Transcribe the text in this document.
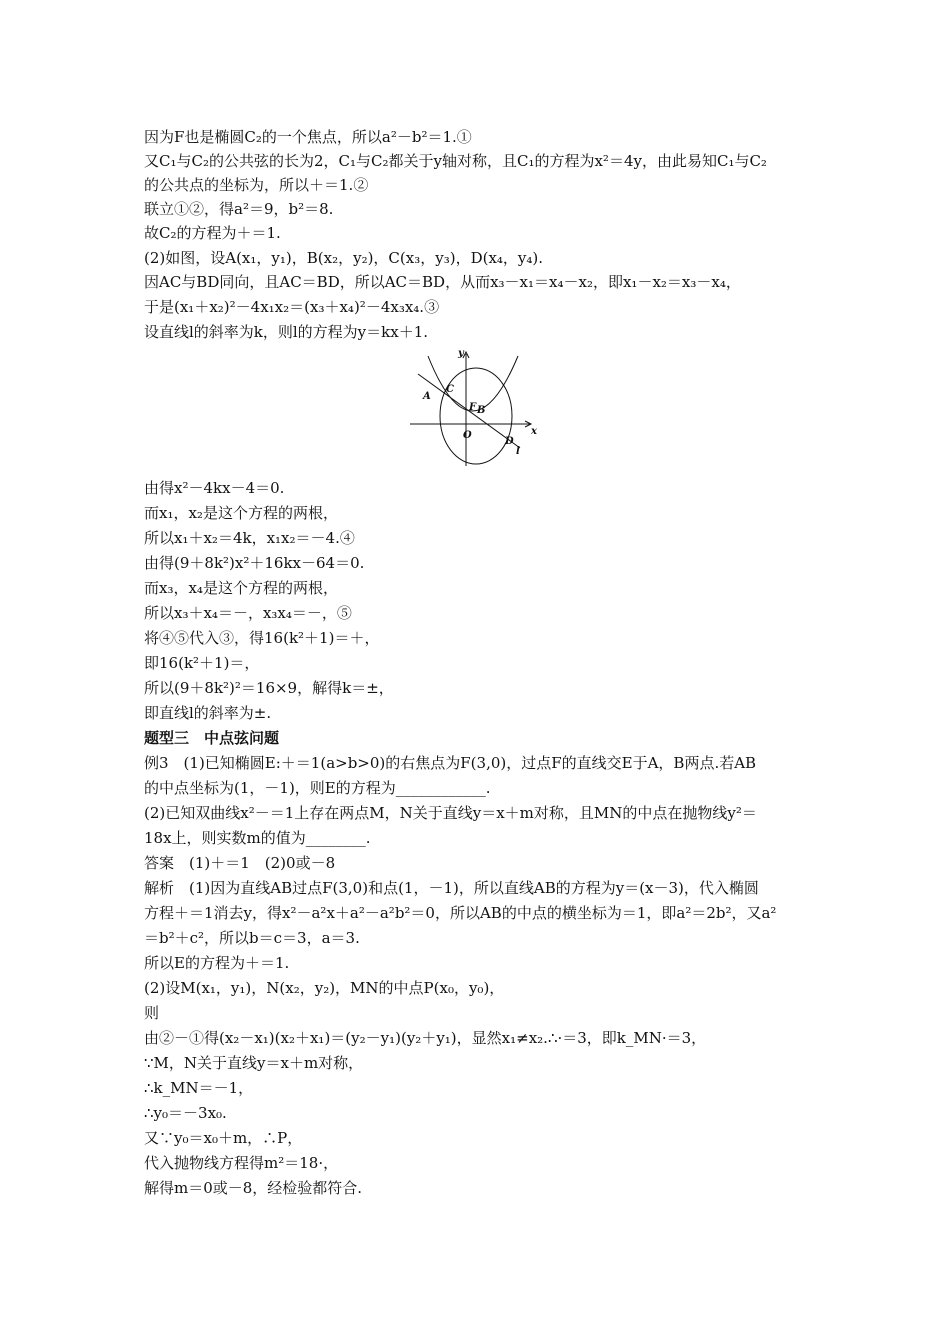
因为F也是椭圆C₂的一个焦点，所以a²－b²＝1.①
又C₁与C₂的公共弦的长为2，C₁与C₂都关于y轴对称，且C₁的方程为x²＝4y，由此易知C₁与C₂
的公共点的坐标为，所以＋＝1.②
联立①②，得a²＝9，b²＝8.
故C₂的方程为＋＝1.
(2)如图，设A(x₁，y₁)，B(x₂，y₂)，C(x₃，y₃)，D(x₄，y₄).
因AC与BD同向，且AC＝BD，所以AC＝BD，从而x₃－x₁＝x₄－x₂，即x₁－x₂＝x₃－x₄，
于是(x₁＋x₂)²－4x₁x₂＝(x₃＋x₄)²－4x₃x₄.③
设直线l的斜率为k，则l的方程为y＝kx＋1.
y
x
A
C
F B
O
D
l
由得x²－4kx－4＝0.
而x₁，x₂是这个方程的两根，
所以x₁＋x₂＝4k，x₁x₂＝－4.④
由得(9＋8k²)x²＋16kx－64＝0.
而x₃，x₄是这个方程的两根，
所以x₃＋x₄＝－，x₃x₄＝－，⑤
将④⑤代入③，得16(k²＋1)＝＋，
即16(k²＋1)＝，
所以(9＋8k²)²＝16×9，解得k＝±，
即直线l的斜率为±.
题型三　中点弦问题
例3　(1)已知椭圆E:＋＝1(a>b>0)的右焦点为F(3,0)，过点F的直线交E于A，B两点.若AB
的中点坐标为(1，－1)，则E的方程为____________.
(2)已知双曲线x²－＝1上存在两点M，N关于直线y＝x＋m对称，且MN的中点在抛物线y²＝
18x上，则实数m的值为________.
答案　(1)＋＝1　(2)0或－8
解析　(1)因为直线AB过点F(3,0)和点(1，－1)，所以直线AB的方程为y＝(x－3)，代入椭圆
方程＋＝1消去y，得x²－a²x＋a²－a²b²＝0，所以AB的中点的横坐标为＝1，即a²＝2b²，又a²
＝b²＋c²，所以b＝c＝3，a＝3.
所以E的方程为＋＝1.
(2)设M(x₁，y₁)，N(x₂，y₂)，MN的中点P(x₀，y₀)，
则
由②－①得(x₂－x₁)(x₂＋x₁)＝(y₂－y₁)(y₂＋y₁)，显然x₁≠x₂.∴·＝3，即k_MN·＝3，
∵M，N关于直线y＝x＋m对称，
∴k_MN＝－1，
∴y₀＝－3x₀.
又∵y₀＝x₀＋m，∴P，
代入抛物线方程得m²＝18·，
解得m＝0或－8，经检验都符合.
